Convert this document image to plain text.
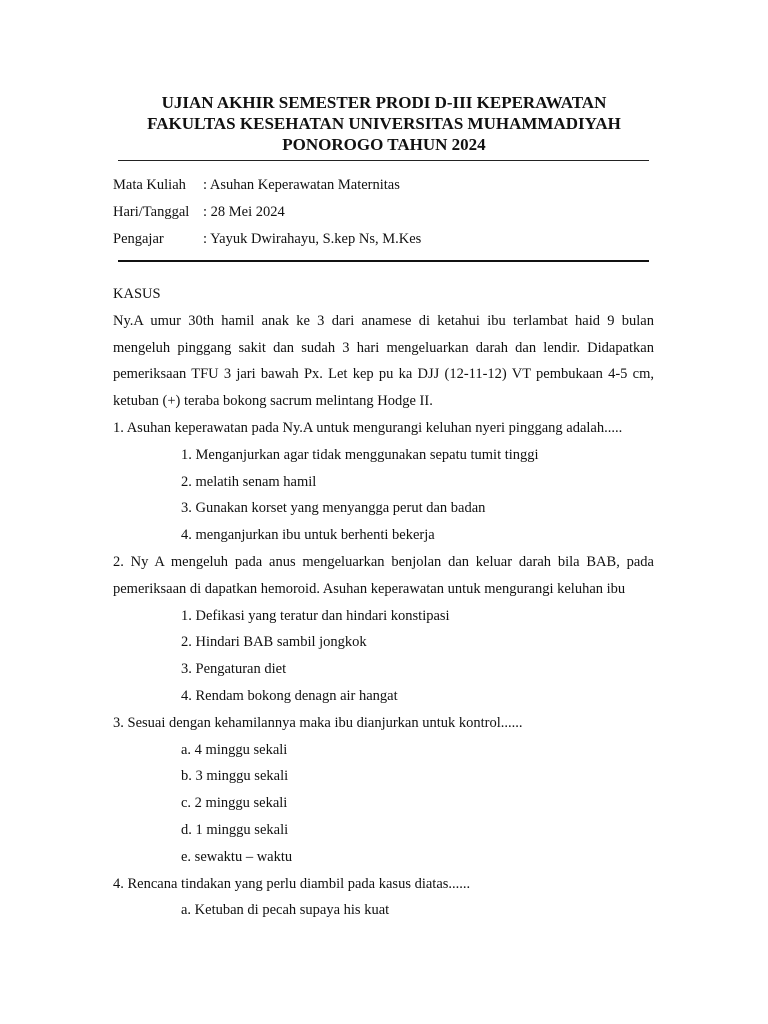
UJIAN AKHIR SEMESTER PRODI D-III KEPERAWATAN
FAKULTAS KESEHATAN UNIVERSITAS MUHAMMADIYAH
PONOROGO TAHUN 2024
Mata Kuliah : Asuhan Keperawatan Maternitas
Hari/Tanggal : 28 Mei 2024
Pengajar	: Yayuk Dwirahayu, S.kep Ns, M.Kes
KASUS
Ny.A umur 30th hamil anak ke 3 dari anamese di ketahui ibu terlambat haid 9 bulan mengeluh pinggang sakit dan sudah 3 hari mengeluarkan darah dan lendir. Didapatkan pemeriksaan TFU 3 jari bawah Px. Let kep pu ka DJJ (12-11-12) VT pembukaan 4-5 cm, ketuban (+) teraba bokong sacrum melintang Hodge II.
1. Asuhan keperawatan pada Ny.A untuk mengurangi keluhan nyeri pinggang adalah.....
1. Menganjurkan agar tidak menggunakan sepatu tumit tinggi
2. melatih senam hamil
3. Gunakan korset yang menyangga perut dan badan
4. menganjurkan ibu untuk berhenti bekerja
2. Ny A mengeluh pada anus mengeluarkan benjolan dan keluar darah bila BAB, pada pemeriksaan di dapatkan hemoroid. Asuhan keperawatan untuk mengurangi keluhan ibu
1. Defikasi yang teratur dan hindari konstipasi
2. Hindari BAB sambil jongkok
3. Pengaturan diet
4. Rendam bokong denagn air hangat
3. Sesuai dengan kehamilannya maka ibu dianjurkan untuk kontrol......
a. 4 minggu sekali
b. 3 minggu sekali
c. 2 minggu sekali
d. 1 minggu sekali
e. sewaktu – waktu
4. Rencana tindakan yang perlu diambil pada kasus diatas......
a. Ketuban di pecah supaya his kuat
